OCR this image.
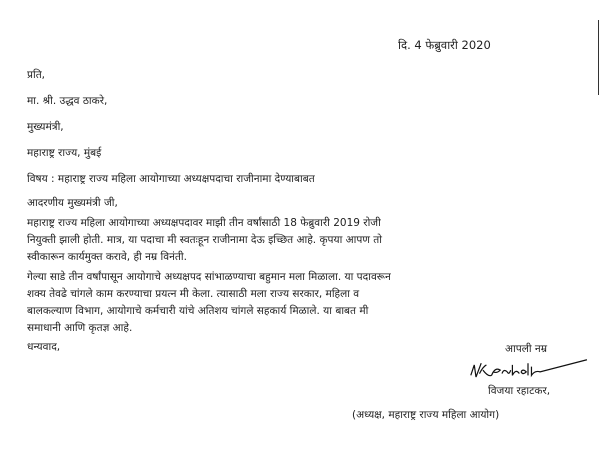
दि. 4 फेब्रुवारी 2020
प्रति,
मा. श्री. उद्धव ठाकरे,
मुख्यमंत्री,
महाराष्ट्र राज्य, मुंबई
विषय : महाराष्ट्र राज्य महिला आयोगाच्या अध्यक्षपदाचा राजीनामा देण्याबाबत
आदरणीय मुख्यमंत्री जी,
महाराष्ट्र राज्य महिला आयोगाच्या अध्यक्षपदावर माझी तीन वर्षांसाठी 18 फेब्रुवारी 2019 रोजी
नियुक्ती झाली होती. मात्र, या पदाचा मी स्वतःहून राजीनामा देऊ इच्छित आहे. कृपया आपण तो
स्वीकारून कार्यमुक्त करावे, ही नम्र विनंती.
गेल्या साडे तीन वर्षांपासून आयोगाचे अध्यक्षपद सांभाळण्याचा बहुमान मला मिळाला. या पदावरून
शक्य तेवढे चांगले काम करण्याचा प्रयत्न मी केला. त्यासाठी मला राज्य सरकार, महिला व
बालकल्याण विभाग, आयोगाचे कर्मचारी यांचे अतिशय चांगले सहकार्य मिळाले. या बाबत मी
समाधानी आणि कृतज्ञ आहे.
धन्यवाद,	आपली नम्र
विजया रहाटकर,
(अध्यक्ष, महाराष्ट्र राज्य महिला आयोग)
